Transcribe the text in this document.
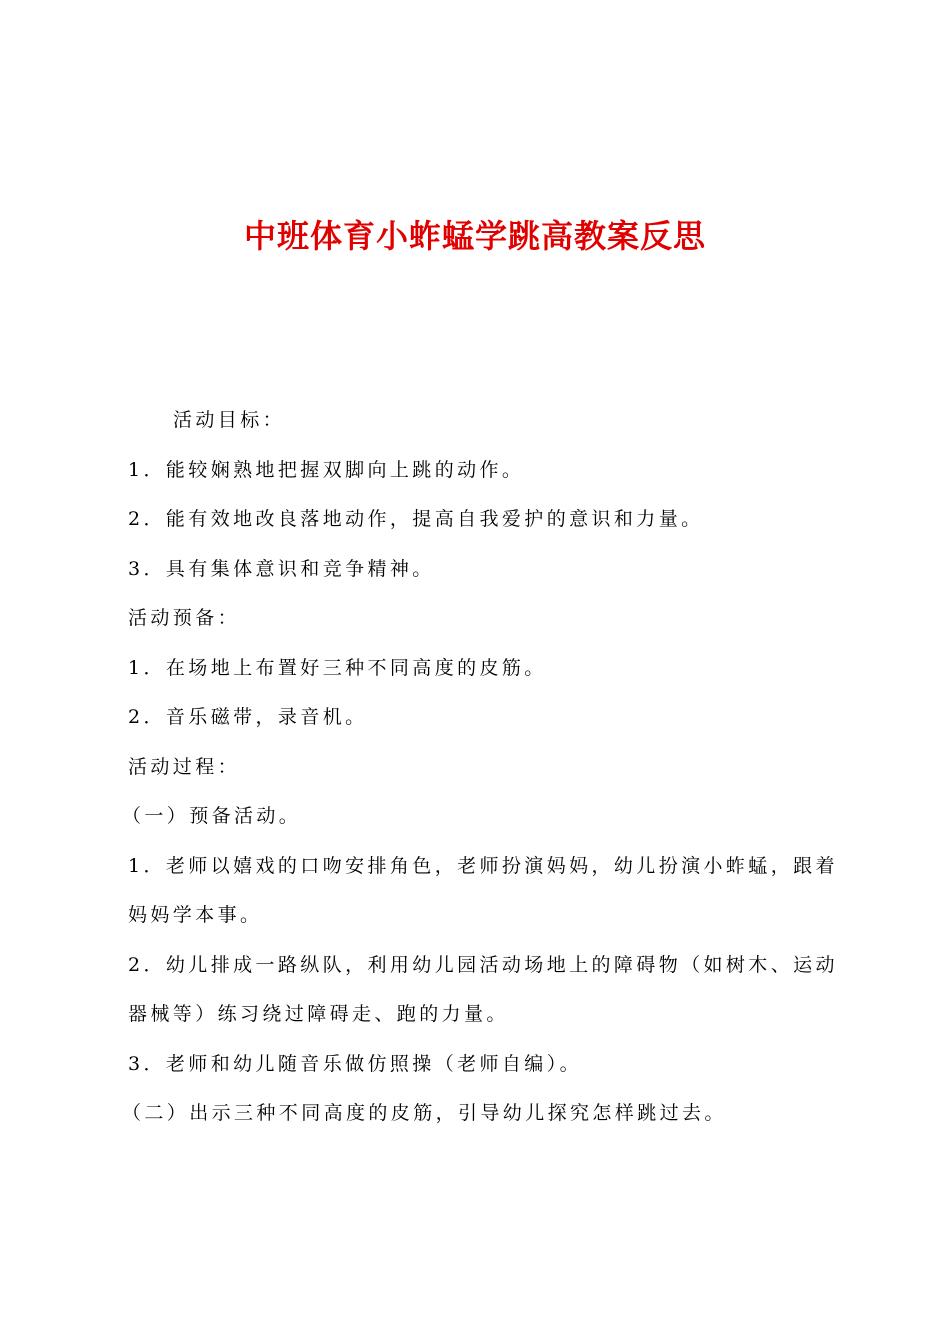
中班体育小蚱蜢学跳高教案反思

活动目标：

1．能较娴熟地把握双脚向上跳的动作。

2．能有效地改良落地动作，提高自我爱护的意识和力量。

3．具有集体意识和竞争精神。

活动预备：

1．在场地上布置好三种不同高度的皮筋。

2．音乐磁带，录音机。

活动过程：

（一）预备活动。

1．老师以嬉戏的口吻安排角色，老师扮演妈妈，幼儿扮演小蚱蜢，跟着

妈妈学本事。

2．幼儿排成一路纵队，利用幼儿园活动场地上的障碍物（如树木、运动

器械等）练习绕过障碍走、跑的力量。

3．老师和幼儿随音乐做仿照操（老师自编）。

（二）出示三种不同高度的皮筋，引导幼儿探究怎样跳过去。
